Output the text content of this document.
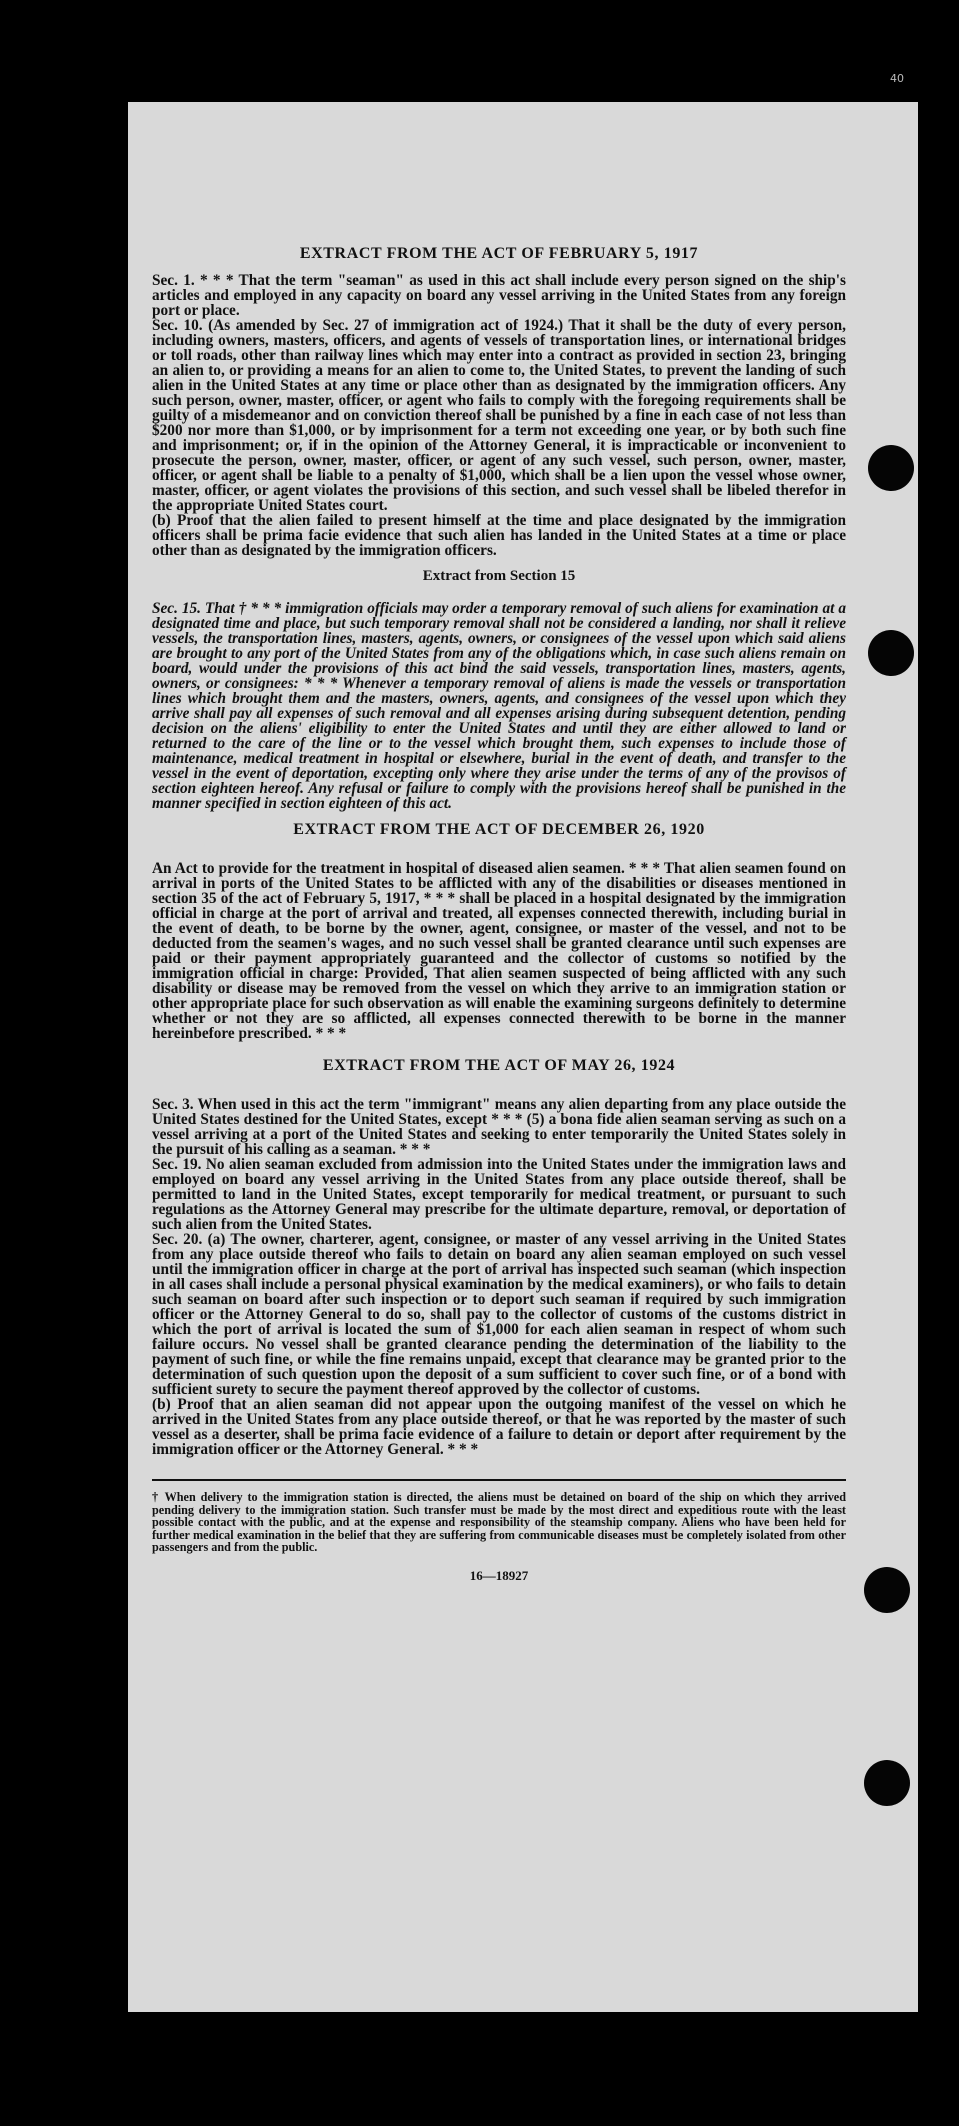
40
EXTRACT FROM THE ACT OF FEBRUARY 5, 1917

Sec. 1. * * * That the term "seaman" as used in this act shall include every person signed on the ship's articles and employed in any capacity on board any vessel arriving in the United States from any foreign port or place.

Sec. 10. (As amended by Sec. 27 of immigration act of 1924.) That it shall be the duty of every person, including owners, masters, officers, and agents of vessels of transportation lines, or international bridges or toll roads, other than railway lines which may enter into a contract as provided in section 23, bringing an alien to, or providing a means for an alien to come to, the United States, to prevent the landing of such alien in the United States at any time or place other than as designated by the immigration officers. Any such person, owner, master, officer, or agent who fails to comply with the foregoing requirements shall be guilty of a misdemeanor and on conviction thereof shall be punished by a fine in each case of not less than $200 nor more than $1,000, or by imprisonment for a term not exceeding one year, or by both such fine and imprisonment; or, if in the opinion of the Attorney General, it is impracticable or inconvenient to prosecute the person, owner, master, officer, or agent of any such vessel, such person, owner, master, officer, or agent shall be liable to a penalty of $1,000, which shall be a lien upon the vessel whose owner, master, officer, or agent violates the provisions of this section, and such vessel shall be libeled therefor in the appropriate United States court.

(b) Proof that the alien failed to present himself at the time and place designated by the immigration officers shall be prima facie evidence that such alien has landed in the United States at a time or place other than as designated by the immigration officers.

Extract from Section 15

Sec. 15. That † * * * immigration officials may order a temporary removal of such aliens for examination at a designated time and place, but such temporary removal shall not be considered a landing, nor shall it relieve vessels, the transportation lines, masters, agents, owners, or consignees of the vessel upon which said aliens are brought to any port of the United States from any of the obligations which, in case such aliens remain on board, would under the provisions of this act bind the said vessels, transportation lines, masters, agents, owners, or consignees: * * * Whenever a temporary removal of aliens is made the vessels or transportation lines which brought them and the masters, owners, agents, and consignees of the vessel upon which they arrive shall pay all expenses of such removal and all expenses arising during subsequent detention, pending decision on the aliens' eligibility to enter the United States and until they are either allowed to land or returned to the care of the line or to the vessel which brought them, such expenses to include those of maintenance, medical treatment in hospital or elsewhere, burial in the event of death, and transfer to the vessel in the event of deportation, excepting only where they arise under the terms of any of the provisos of section eighteen hereof. Any refusal or failure to comply with the provisions hereof shall be punished in the manner specified in section eighteen of this act.

EXTRACT FROM THE ACT OF DECEMBER 26, 1920

An Act to provide for the treatment in hospital of diseased alien seamen. * * * That alien seamen found on arrival in ports of the United States to be afflicted with any of the disabilities or diseases mentioned in section 35 of the act of February 5, 1917, * * * shall be placed in a hospital designated by the immigration official in charge at the port of arrival and treated, all expenses connected therewith, including burial in the event of death, to be borne by the owner, agent, consignee, or master of the vessel, and not to be deducted from the seamen's wages, and no such vessel shall be granted clearance until such expenses are paid or their payment appropriately guaranteed and the collector of customs so notified by the immigration official in charge: Provided, That alien seamen suspected of being afflicted with any such disability or disease may be removed from the vessel on which they arrive to an immigration station or other appropriate place for such observation as will enable the examining surgeons definitely to determine whether or not they are so afflicted, all expenses connected therewith to be borne in the manner hereinbefore prescribed. * * *

EXTRACT FROM THE ACT OF MAY 26, 1924

Sec. 3. When used in this act the term "immigrant" means any alien departing from any place outside the United States destined for the United States, except * * * (5) a bona fide alien seaman serving as such on a vessel arriving at a port of the United States and seeking to enter temporarily the United States solely in the pursuit of his calling as a seaman. * * *

Sec. 19. No alien seaman excluded from admission into the United States under the immigration laws and employed on board any vessel arriving in the United States from any place outside thereof, shall be permitted to land in the United States, except temporarily for medical treatment, or pursuant to such regulations as the Attorney General may prescribe for the ultimate departure, removal, or deportation of such alien from the United States.

Sec. 20. (a) The owner, charterer, agent, consignee, or master of any vessel arriving in the United States from any place outside thereof who fails to detain on board any alien seaman employed on such vessel until the immigration officer in charge at the port of arrival has inspected such seaman (which inspection in all cases shall include a personal physical examination by the medical examiners), or who fails to detain such seaman on board after such inspection or to deport such seaman if required by such immigration officer or the Attorney General to do so, shall pay to the collector of customs of the customs district in which the port of arrival is located the sum of $1,000 for each alien seaman in respect of whom such failure occurs. No vessel shall be granted clearance pending the determination of the liability to the payment of such fine, or while the fine remains unpaid, except that clearance may be granted prior to the determination of such question upon the deposit of a sum sufficient to cover such fine, or of a bond with sufficient surety to secure the payment thereof approved by the collector of customs.

(b) Proof that an alien seaman did not appear upon the outgoing manifest of the vessel on which he arrived in the United States from any place outside thereof, or that he was reported by the master of such vessel as a deserter, shall be prima facie evidence of a failure to detain or deport after requirement by the immigration officer or the Attorney General. * * *

† When delivery to the immigration station is directed, the aliens must be detained on board of the ship on which they arrived pending delivery to the immigration station. Such transfer must be made by the most direct and expeditious route with the least possible contact with the public, and at the expense and responsibility of the steamship company. Aliens who have been held for further medical examination in the belief that they are suffering from communicable diseases must be completely isolated from other passengers and from the public.

16—18927
